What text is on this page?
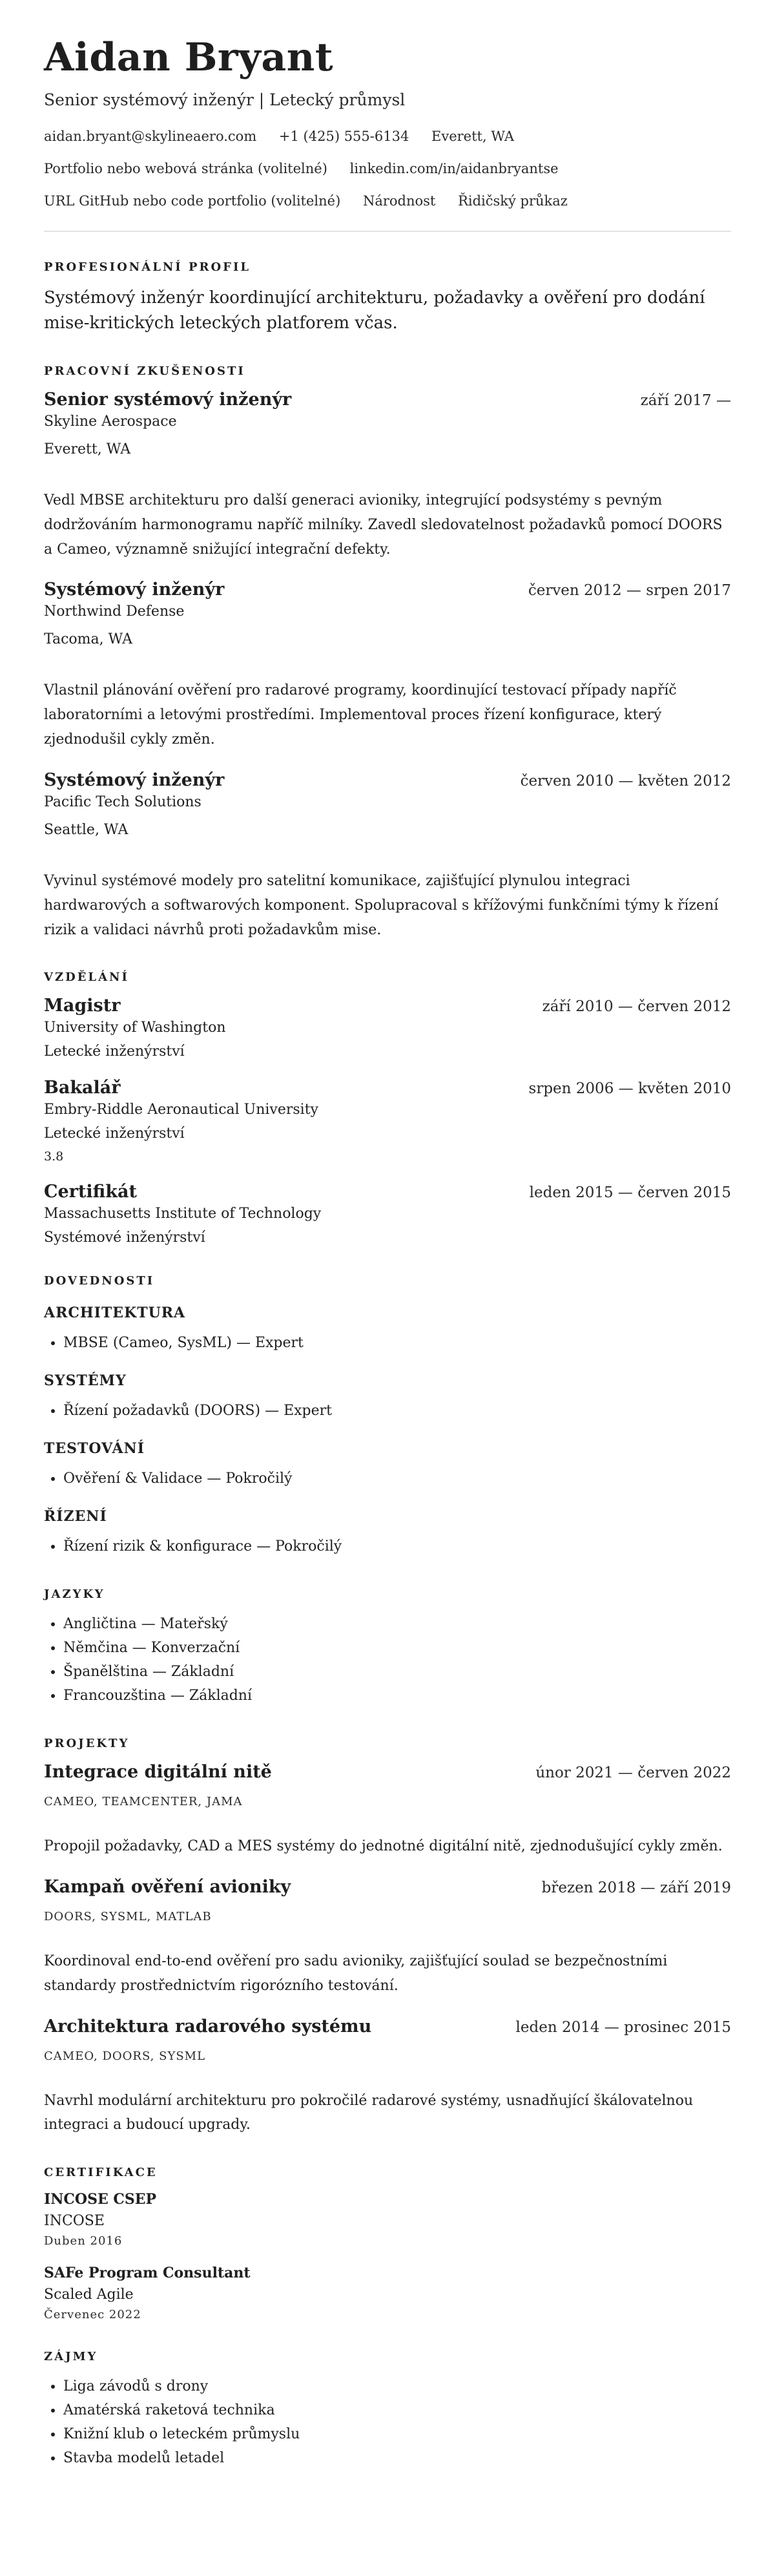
Aidan Bryant
Senior systémový inženýr | Letecký průmysl
aidan.bryant@skylineaero.com +1 (425) 555-6134 Everett, WA
Portfolio nebo webová stránka (volitelné) linkedin.com/in/aidanbryantse
URL GitHub nebo code portfolio (volitelné) Národnost Řidičský průkaz
PROFESIONÁLNÍ PROFIL

Systémový inženýr koordinující architekturu, požadavky a ověření pro dodání mise-kritických leteckých platforem včas.

PRACOVNÍ ZKUŠENOSTI
Senior systémový inženýr	září 2017 —
Skyline Aerospace
Everett, WA

Vedl MBSE architekturu pro další generaci avioniky, integrující podsystémy s pevným dodržováním harmonogramu napříč milníky. Zavedl sledovatelnost požadavků pomocí DOORS a Cameo, významně snižující integrační defekty.

Systémový inženýr	červen 2012 — srpen 2017
Northwind Defense
Tacoma, WA

Vlastnil plánování ověření pro radarové programy, koordinující testovací případy napříč laboratorními a letovými prostředími. Implementoval proces řízení konfigurace, který zjednodušil cykly změn.

Systémový inženýr	červen 2010 — květen 2012
Pacific Tech Solutions
Seattle, WA

Vyvinul systémové modely pro satelitní komunikace, zajišťující plynulou integraci hardwarových a softwarových komponent. Spolupracoval s křížovými funkčními týmy k řízení rizik a validaci návrhů proti požadavkům mise.

VZDĚLÁNÍ
Magistr	září 2010 — červen 2012
University of Washington
Letecké inženýrství
Bakalář	srpen 2006 — květen 2010
Embry-Riddle Aeronautical University
Letecké inženýrství
3.8
Certifikát	leden 2015 — červen 2015
Massachusetts Institute of Technology
Systémové inženýrství
DOVEDNOSTI
ARCHITEKTURA
• MBSE (Cameo, SysML) — Expert
SYSTÉMY
• Řízení požadavků (DOORS) — Expert
TESTOVÁNÍ
• Ověření & Validace — Pokročilý
ŘÍZENÍ
• Řízení rizik & konfigurace — Pokročilý
JAZYKY
• Angličtina — Mateřský
• Němčina — Konverzační
• Španělština — Základní
• Francouzština — Základní
PROJEKTY
Integrace digitální nitě	únor 2021 — červen 2022
CAMEO, TEAMCENTER, JAMA

Propojil požadavky, CAD a MES systémy do jednotné digitální nitě, zjednodušující cykly změn.

Kampaň ověření avioniky	březen 2018 — září 2019
DOORS, SYSML, MATLAB

Koordinoval end-to-end ověření pro sadu avioniky, zajišťující soulad se bezpečnostními standardy prostřednictvím rigorózního testování.

Architektura radarového systému	leden 2014 — prosinec 2015
CAMEO, DOORS, SYSML

Navrhl modulární architekturu pro pokročilé radarové systémy, usnadňující škálovatelnou integraci a budoucí upgrady.

CERTIFIKACE
INCOSE CSEP
INCOSE
Duben 2016
SAFe Program Consultant
Scaled Agile
Červenec 2022
ZÁJMY
• Liga závodů s drony
• Amatérská raketová technika
• Knižní klub o leteckém průmyslu
• Stavba modelů letadel
